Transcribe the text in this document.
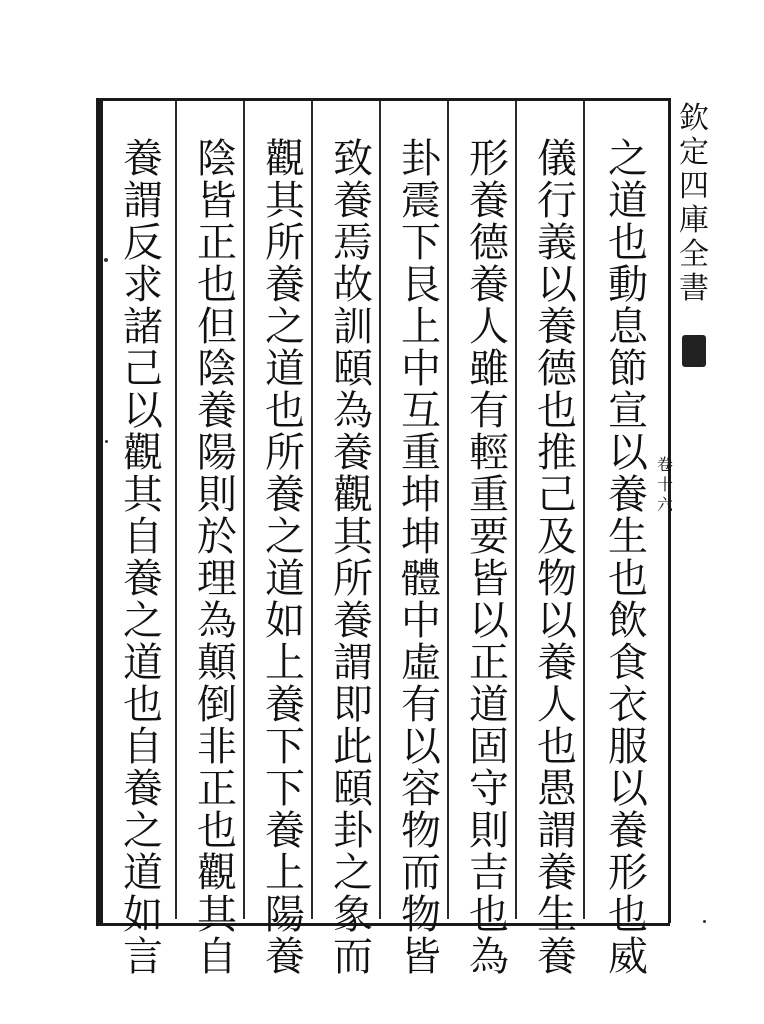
之
道
也
動
息
節
宣
以
養
生
也
飲
食
衣
服
以
養
形
也
威
儀
行
義
以
養
德
也
推
己
及
物
以
養
人
也
愚
謂
養
生
養
形
養
德
養
人
雖
有
輕
重
要
皆
以
正
道
固
守
則
吉
也
為
卦
震
下
艮
上
中
互
重
坤
坤
體
中
虛
有
以
容
物
而
物
皆
致
養
焉
故
訓
頤
為
養
觀
其
所
養
謂
即
此
頤
卦
之
象
而
觀
其
所
養
之
道
也
所
養
之
道
如
上
養
下
下
養
上
陽
養
陰
皆
正
也
但
陰
養
陽
則
於
理
為
顛
倒
非
正
也
觀
其
自
養
謂
反
求
諸
己
以
觀
其
自
養
之
道
也
自
養
之
道
如
言
欽
定
四
庫
全
書
卷
十
六
